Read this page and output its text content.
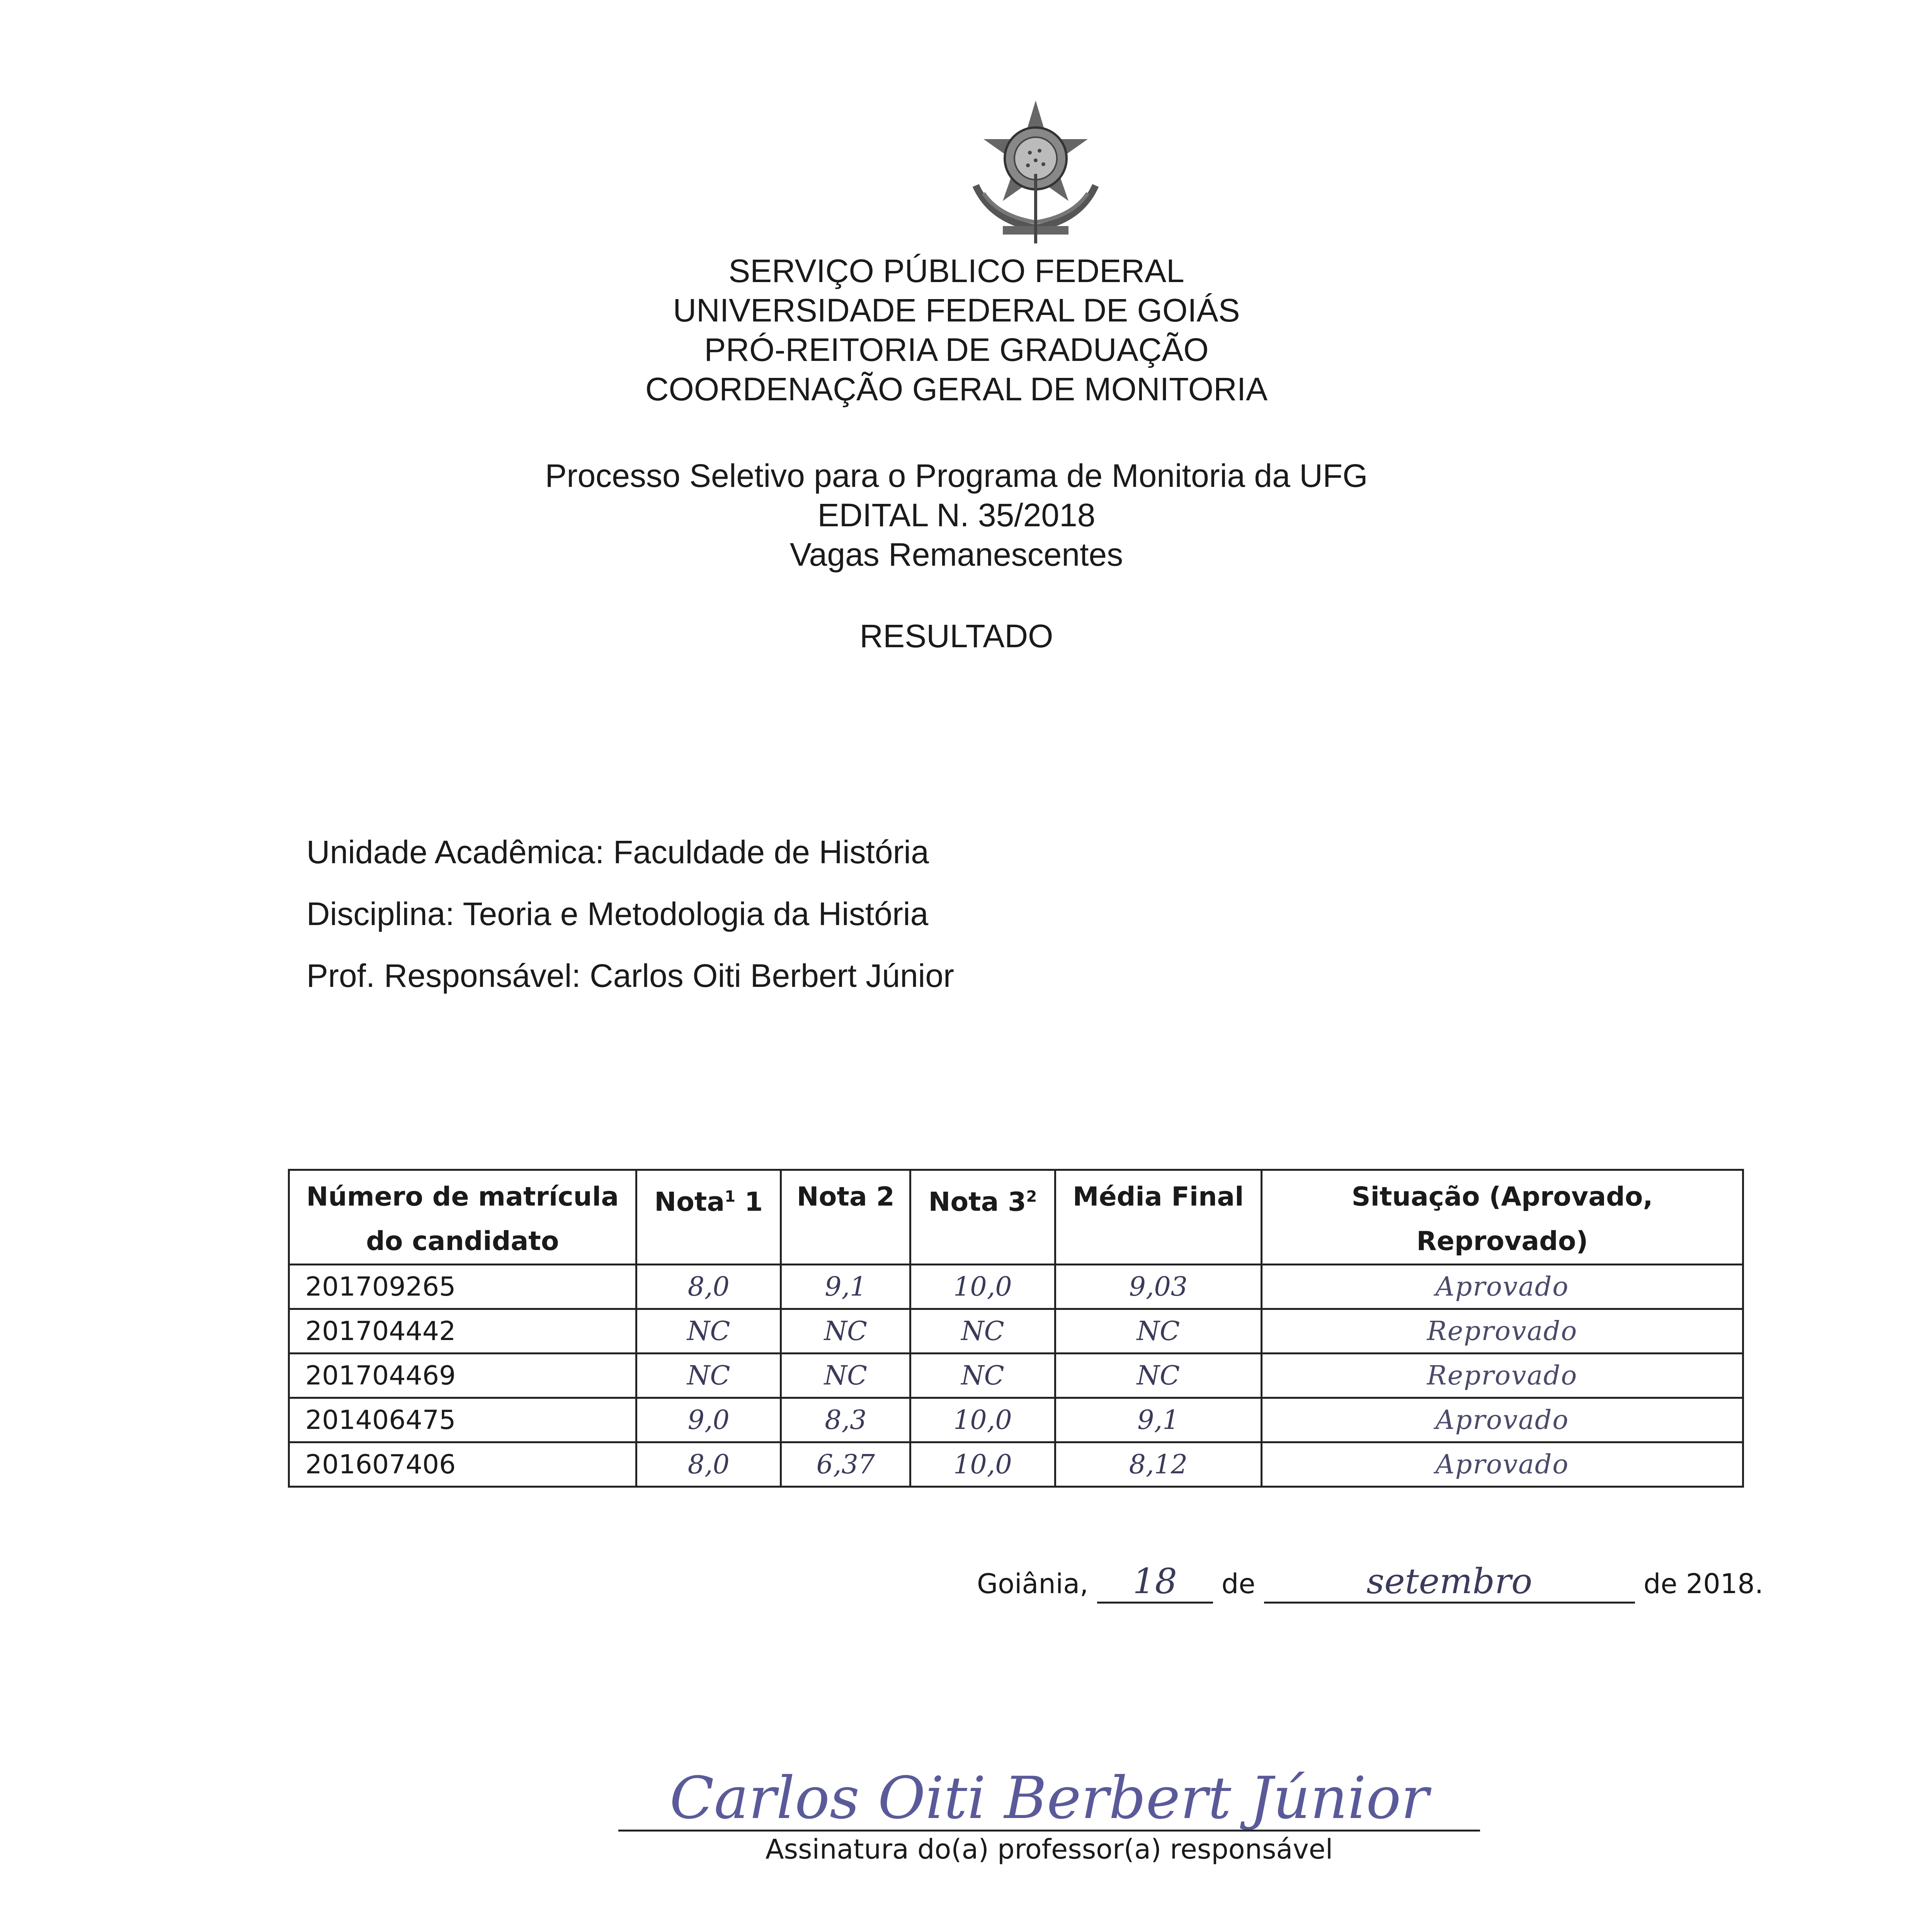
SERVIÇO PÚBLICO FEDERAL
UNIVERSIDADE FEDERAL DE GOIÁS
PRÓ-REITORIA DE GRADUAÇÃO
COORDENAÇÃO GERAL DE MONITORIA
Processo Seletivo para o Programa de Monitoria da UFG
EDITAL N. 35/2018
Vagas Remanescentes
RESULTADO
Unidade Acadêmica: Faculdade de História
Disciplina: Teoria e Metodologia da História
Prof. Responsável: Carlos Oiti Berbert Júnior
Número de matrícula do candidato	Nota$^1$ 1	Nota 2	Nota $3^2$	Média Final	Situação (Aprovado, Reprovado)
201709265	8,0	9,1	10,0	9,03	Aprovado
201704442	NC	NC	NC	NC	Reprovado
201704469	NC	NC	NC	NC	Reprovado
201406475	9,0	8,3	10,0	9,1	Aprovado
201607406	8,0	6,37	10,0	8,12	Aprovado
Goiânia, 18 de	setembro	de 2018.
Carlos Oiti Berbert Júnior
Assinatura do(a) professor(a) responsável
